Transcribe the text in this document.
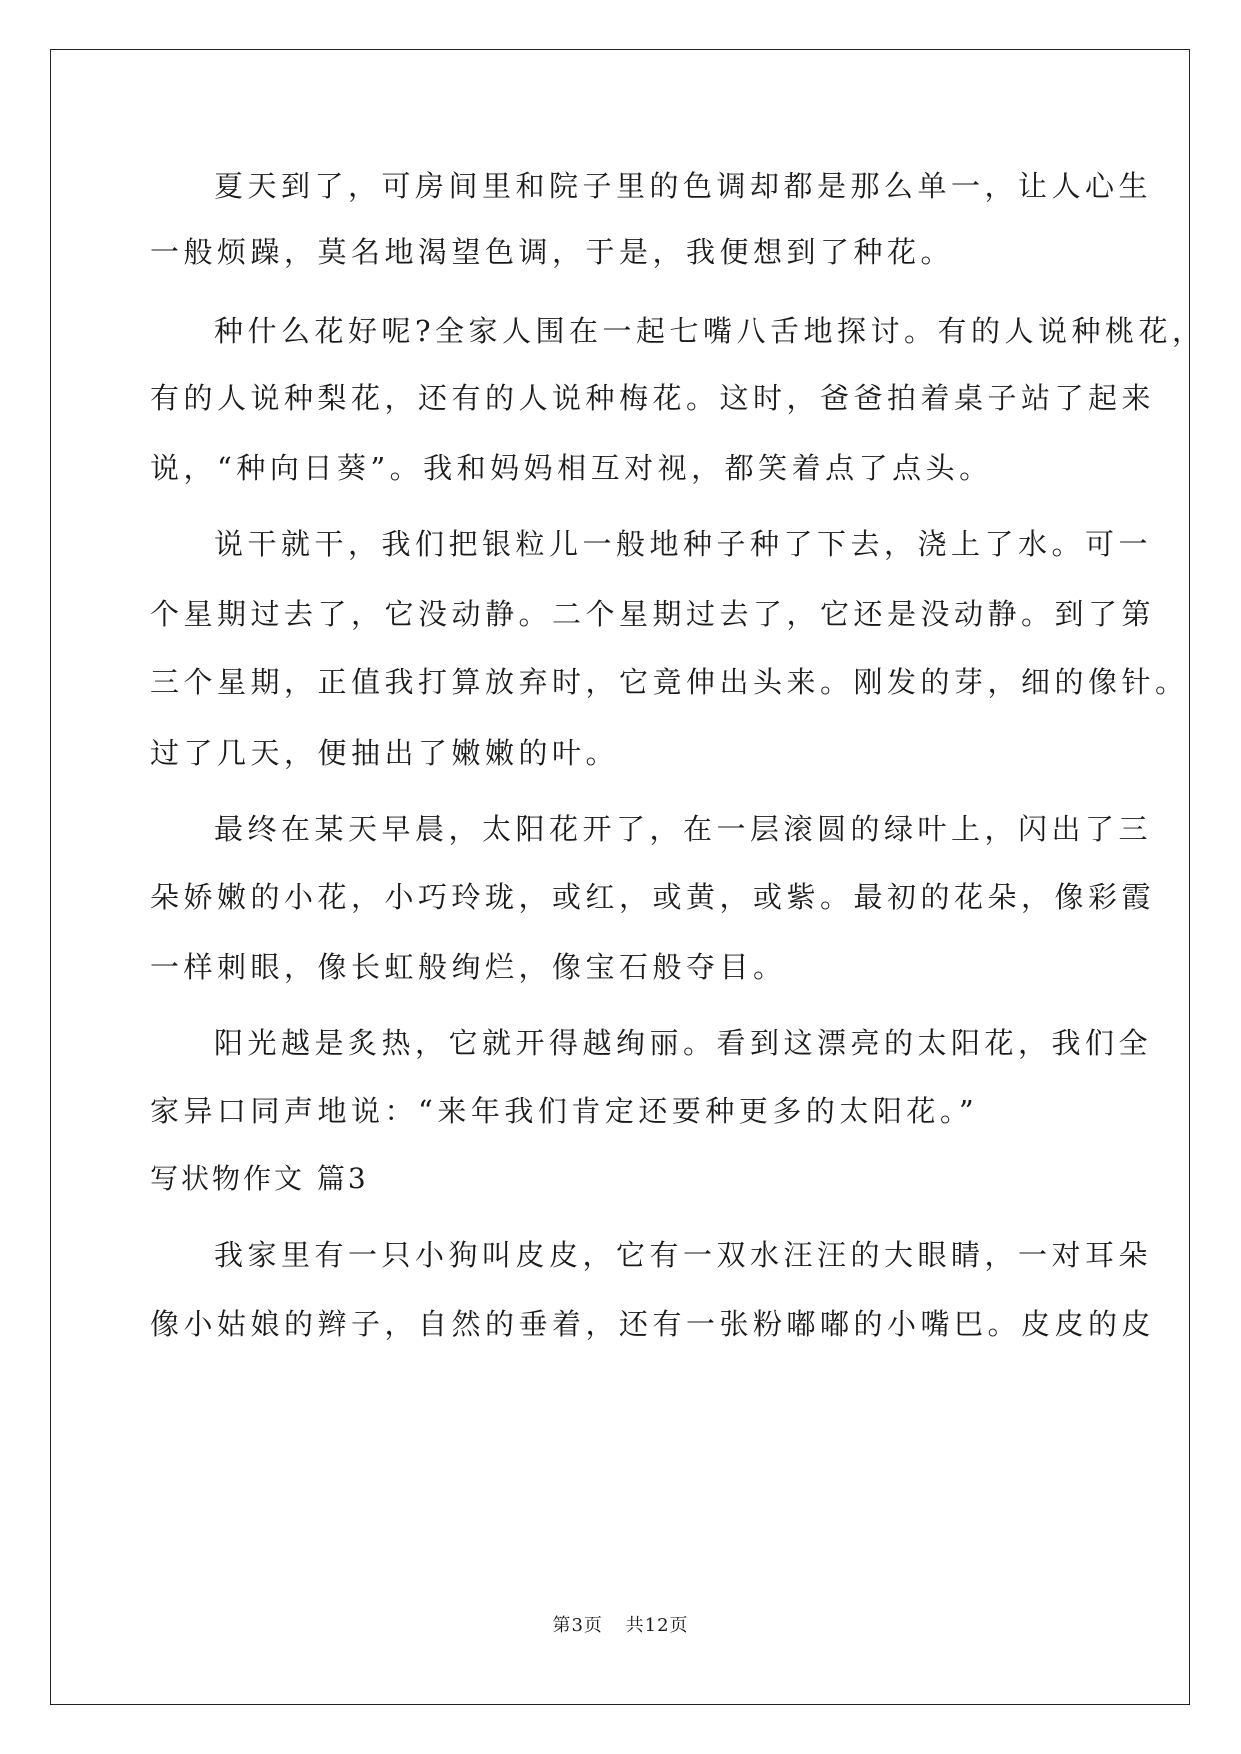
夏天到了，可房间里和院子里的色调却都是那么单一，让人心生
一般烦躁，莫名地渴望色调，于是，我便想到了种花。
种什么花好呢?全家人围在一起七嘴八舌地探讨。有的人说种桃花，
有的人说种梨花，还有的人说种梅花。这时，爸爸拍着桌子站了起来
说，“种向日葵”。我和妈妈相互对视，都笑着点了点头。
说干就干，我们把银粒儿一般地种子种了下去，浇上了水。可一
个星期过去了，它没动静。二个星期过去了，它还是没动静。到了第
三个星期，正值我打算放弃时，它竟伸出头来。刚发的芽，细的像针。
过了几天，便抽出了嫩嫩的叶。
最终在某天早晨，太阳花开了，在一层滚圆的绿叶上，闪出了三
朵娇嫩的小花，小巧玲珑，或红，或黄，或紫。最初的花朵，像彩霞
一样刺眼，像长虹般绚烂，像宝石般夺目。
阳光越是炙热，它就开得越绚丽。看到这漂亮的太阳花，我们全
家异口同声地说：“来年我们肯定还要种更多的太阳花。”
写状物作文 篇3
我家里有一只小狗叫皮皮，它有一双水汪汪的大眼睛，一对耳朵
像小姑娘的辫子，自然的垂着，还有一张粉嘟嘟的小嘴巴。皮皮的皮
第3页 共12页
